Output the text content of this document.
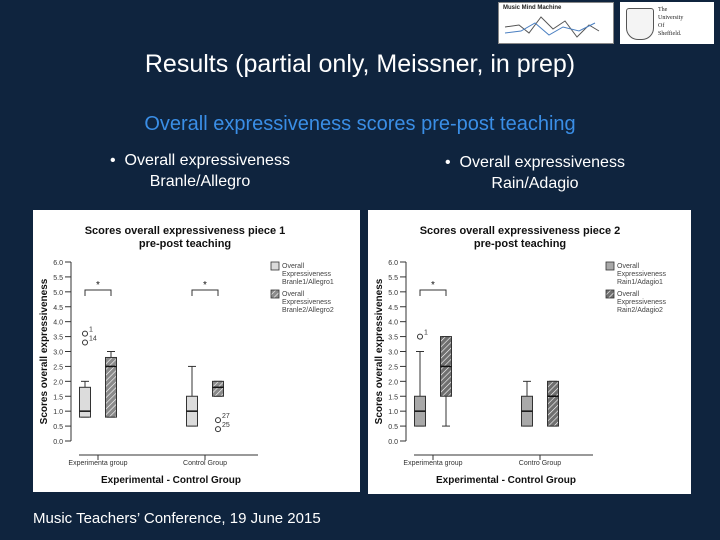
Music Mind Machine
@
The
University
Of
Sheffield.
Results (partial only, Meissner, in prep)
Overall expressiveness scores pre-post teaching
•  Overall expressiveness Branle/Allegro
•  Overall expressiveness Rain/Adagio
Scores overall expressiveness piece 1
pre-post teaching
Scores overall expressiveness
6.0
5.5
5.0
4.5
4.0
3.5
3.0
2.5
2.0
1.5
1.0
0.5
0.0
Experimenta group	Control Group
Experimental - Control Group
1
14
27
25
*	*
Overall Expressiveness Branle1/Allegro1
Overall Expressiveness Branle2/Allegro2
Scores overall expressiveness piece 2
pre-post teaching
Scores overall expressiveness
6.0
5.5
5.0
4.5
4.0
3.5
3.0
2.5
2.0
1.5
1.0
0.5
0.0
Experimenta group	Contro Group
Experimental - Control Group
1
*
Overall Expressiveness Rain1/Adagio1
Overall Expressiveness Rain2/Adagio2
Music Teachers’ Conference, 19 June 2015
